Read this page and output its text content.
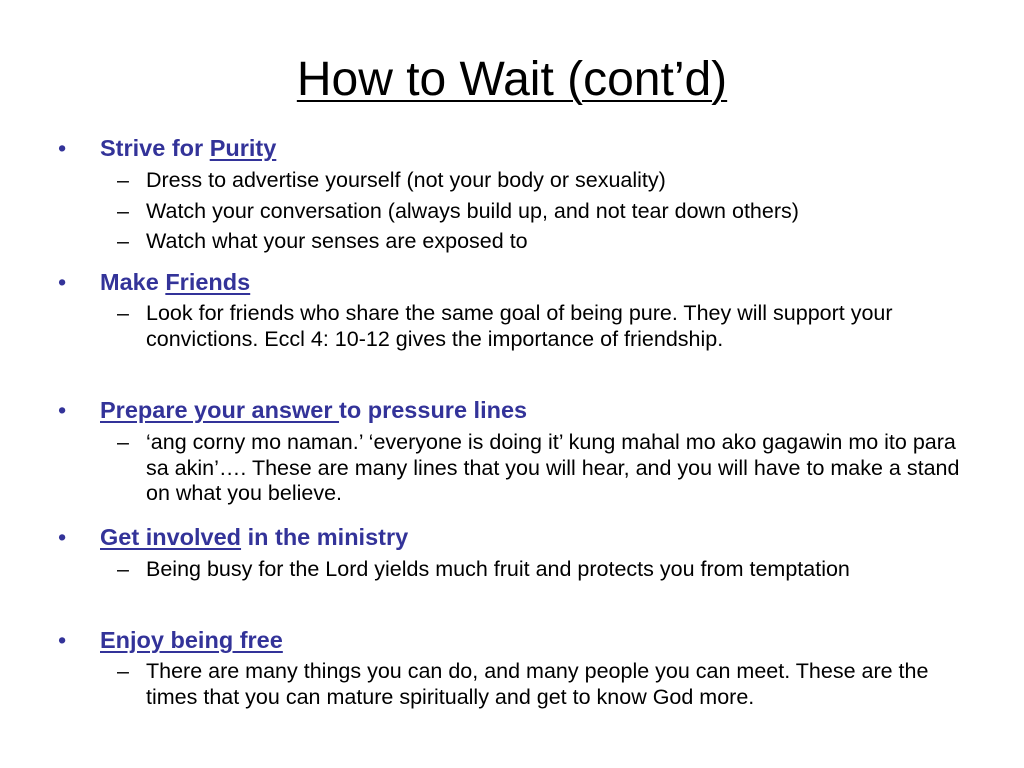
How to Wait (cont’d)
• Strive for Purity
– Dress to advertise yourself (not your body or sexuality)
– Watch your conversation (always build up, and not tear down others)
– Watch what your senses are exposed to
• Make Friends
– Look for friends who share the same goal of being pure. They will support your convictions. Eccl 4: 10-12 gives the importance of friendship.
• Prepare your answer to pressure lines
– ‘ang corny mo naman.’ ‘everyone is doing it’ kung mahal mo ako gagawin mo ito para sa akin’…. These are many lines that you will hear, and you will have to make a stand on what you believe.
• Get involved in the ministry
– Being busy for the Lord yields much fruit and protects you from temptation
• Enjoy being free
– There are many things you can do, and many people you can meet. These are the times that you can mature spiritually and get to know God more.
